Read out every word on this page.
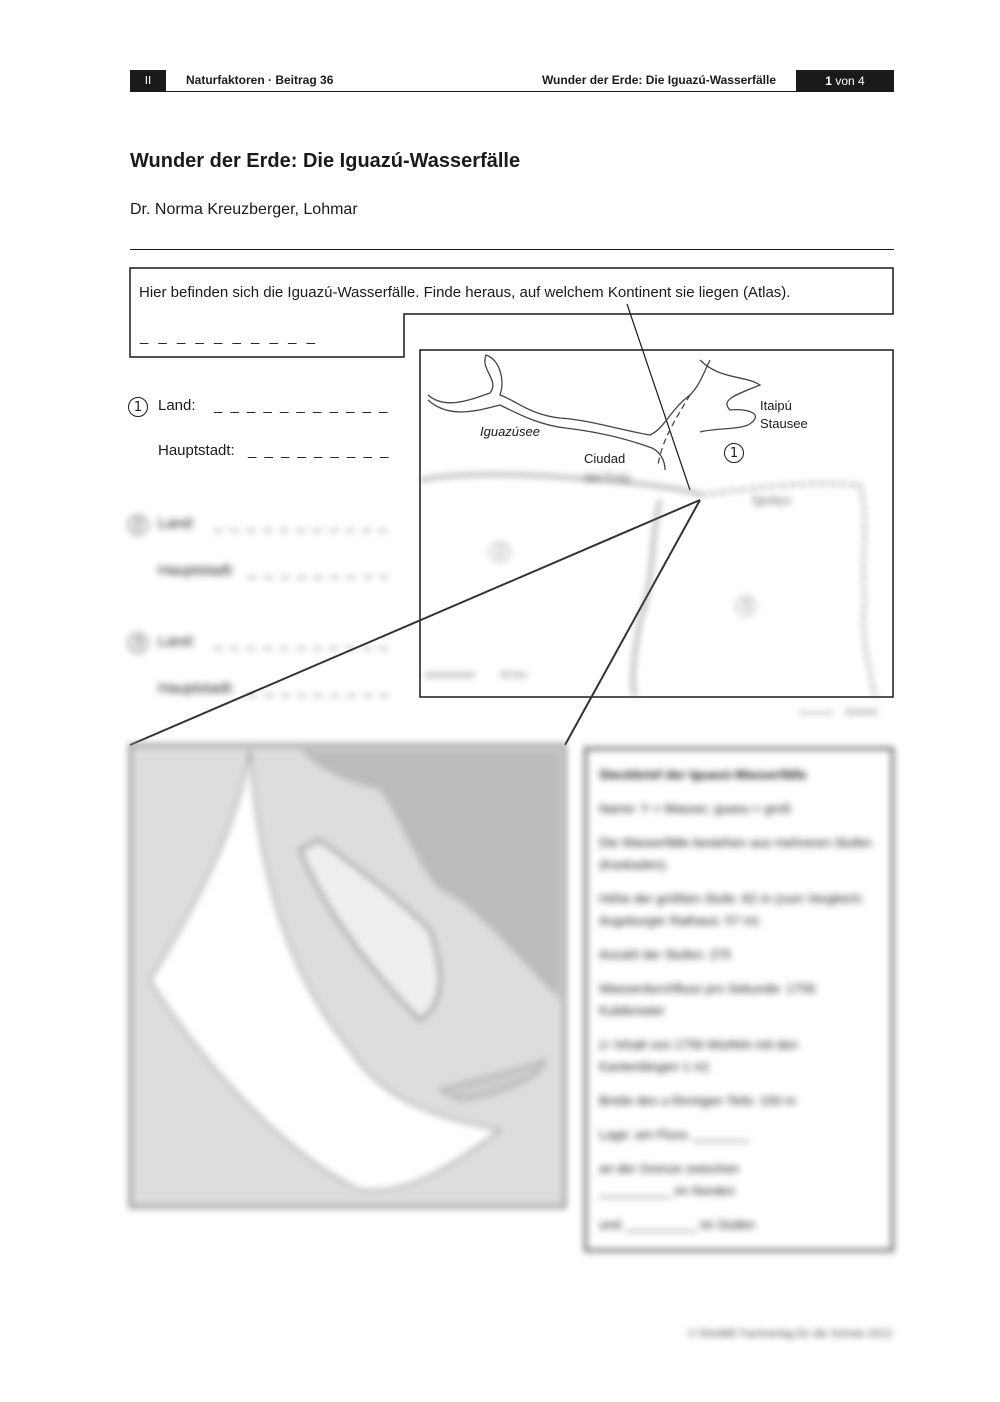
II	Naturfaktoren · Beitrag 36	Wunder der Erde: Die Iguazú-Wasserfälle	1 von 4
Wunder der Erde: Die Iguazú-Wasserfälle
Dr. Norma Kreuzberger, Lohmar
Hier befinden sich die Iguazú-Wasserfälle. Finde heraus, auf welchem Kontinent sie liegen (Atlas).
_ _ _ _ _ _ _ _ _ _
1	Land: _ _ _ _ _ _ _ _ _ _ _
Hauptstadt: _ _ _ _ _ _ _ _ _
Iguazúsee
Itaipú
Stausee
Ciudad	1
del Este
Iguaçu
2
3
40 km
Grenze
2	Land: _ _ _ _ _ _ _ _ _ _ _
Hauptstadt: _ _ _ _ _ _ _ _ _
3	Land: _ _ _ _ _ _ _ _ _ _ _
Hauptstadt: _ _ _ _ _ _ _ _ _
Steckbrief der Iguazú-Wasserfälle
Name: Y = Wasser, guasu = groß
Die Wasserfälle bestehen aus mehreren Stufen (Kaskaden).
Höhe der größten Stufe: 82 m (zum Vergleich: Augsburger Rathaus: 57 m)
Anzahl der Stufen: 275
Wasserdurchfluss pro Sekunde: 1756 Kubikmeter
(= Inhalt von 1756 Würfeln mit den Kantenlängen 1 m)
Breite des u-förmigen Teils: 150 m
Lage: am Fluss ________
an der Grenze zwischen
__________ im Norden
und __________ im Süden
© RAABE Fachverlag für die Schule 2013
